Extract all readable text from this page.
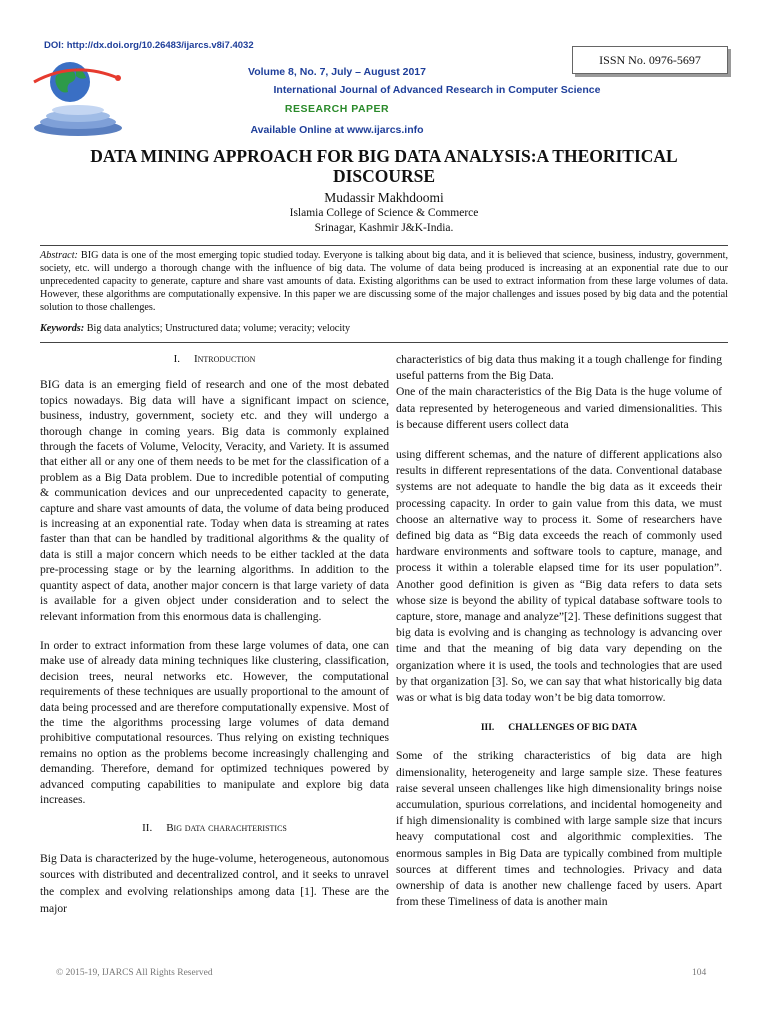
DOI: http://dx.doi.org/10.26483/ijarcs.v8i7.4032
ISSN No. 0976-5697
Volume 8, No. 7, July – August 2017
International Journal of Advanced Research in Computer Science
RESEARCH PAPER
Available Online at www.ijarcs.info
DATA MINING APPROACH FOR BIG DATA ANALYSIS:A THEORITICAL
DISCOURSE
Mudassir Makhdoomi
Islamia College of Science & Commerce
Srinagar, Kashmir J&K-India.
Abstract: BIG data is one of the most emerging topic studied today. Everyone is talking about big data, and it is believed that science, business, industry, government, society, etc. will undergo a thorough change with the influence of big data. The volume of data being produced is increasing at an exponential rate due to our unprecedented capacity to generate, capture and share vast amounts of data. Existing algorithms can be used to extract information from these large volumes of data. However, these algorithms are computationally expensive. In this paper we are discussing some of the major challenges and issues posed by big data and the potential solution to those challenges.
Keywords: Big data analytics; Unstructured data; volume; veracity; velocity
I. Introduction

BIG data is an emerging field of research and one of the most debated topics nowadays. Big data will have a significant impact on science, business, industry, government, society etc. and they will undergo a thorough change in coming years. Big data is commonly explained through the facets of Volume, Velocity, Veracity, and Variety. It is assumed that either all or any one of them needs to be met for the classification of a problem as a Big Data problem. Due to incredible potential of computing & communication devices and our unprecedented capacity to generate, capture and share vast amounts of data, the volume of data being produced is increasing at an exponential rate. Today when data is streaming at rates faster than that can be handled by traditional algorithms & the quality of data is still a major concern which needs to be either tackled at the data pre-processing stage or by the learning algorithms. In addition to the quantity aspect of data, another major concern is that large variety of data is available for a given object under consideration and to select the relevant information from this enormous data is challenging.

In order to extract information from these large volumes of data, one can make use of already data mining techniques like clustering, classification, decision trees, neural networks etc. However, the computational requirements of these techniques are usually proportional to the amount of data being processed and are therefore computationally expensive. Most of the time the algorithms processing large volumes of data demand prohibitive computational resources. Thus relying on existing techniques remains no option as the problems become increasingly challenging and demanding. Therefore, demand for optimized techniques powered by advanced computing capabilities to manipulate and explore big data increases.

II. Big data charachteristics

Big Data is characterized by the huge-volume, heterogeneous, autonomous sources with distributed and decentralized control, and it seeks to unravel the complex and evolving relationships among data [1]. These are the major

characteristics of big data thus making it a tough challenge for finding useful patterns from the Big Data.

One of the main characteristics of the Big Data is the huge volume of data represented by heterogeneous and varied dimensionalities. This is because different users collect data

using different schemas, and the nature of different applications also results in different representations of the data. Conventional database systems are not adequate to handle the big data as it exceeds their processing capacity. In order to gain value from this data, we must choose an alternative way to process it. Some of researchers have defined big data as “Big data exceeds the reach of commonly used hardware environments and software tools to capture, manage, and process it within a tolerable elapsed time for its user population”. Another good definition is given as “Big data refers to data sets whose size is beyond the ability of typical database software tools to capture, store, manage and analyze”[2]. These definitions suggest that big data is evolving and is changing as technology is advancing over time and that the meaning of big data vary depending on the organization where it is used, the tools and technologies that are used by that organization [3]. So, we can say that what historically big data was or what is big data today won’t be big data tomorrow.

III. CHALLENGES OF BIG DATA

Some of the striking characteristics of big data are high dimensionality, heterogeneity and large sample size. These features raise several unseen challenges like high dimensionality brings noise accumulation, spurious correlations, and incidental homogeneity and if high dimensionality is combined with large sample size that incurs heavy computational cost and algorithmic complexities. The enormous samples in Big Data are typically combined from multiple sources at different times and technologies. Privacy and data ownership of data is another new challenge faced by users. Apart from these Timeliness of data is another main

© 2015-19, IJARCS All Rights Reserved	104
